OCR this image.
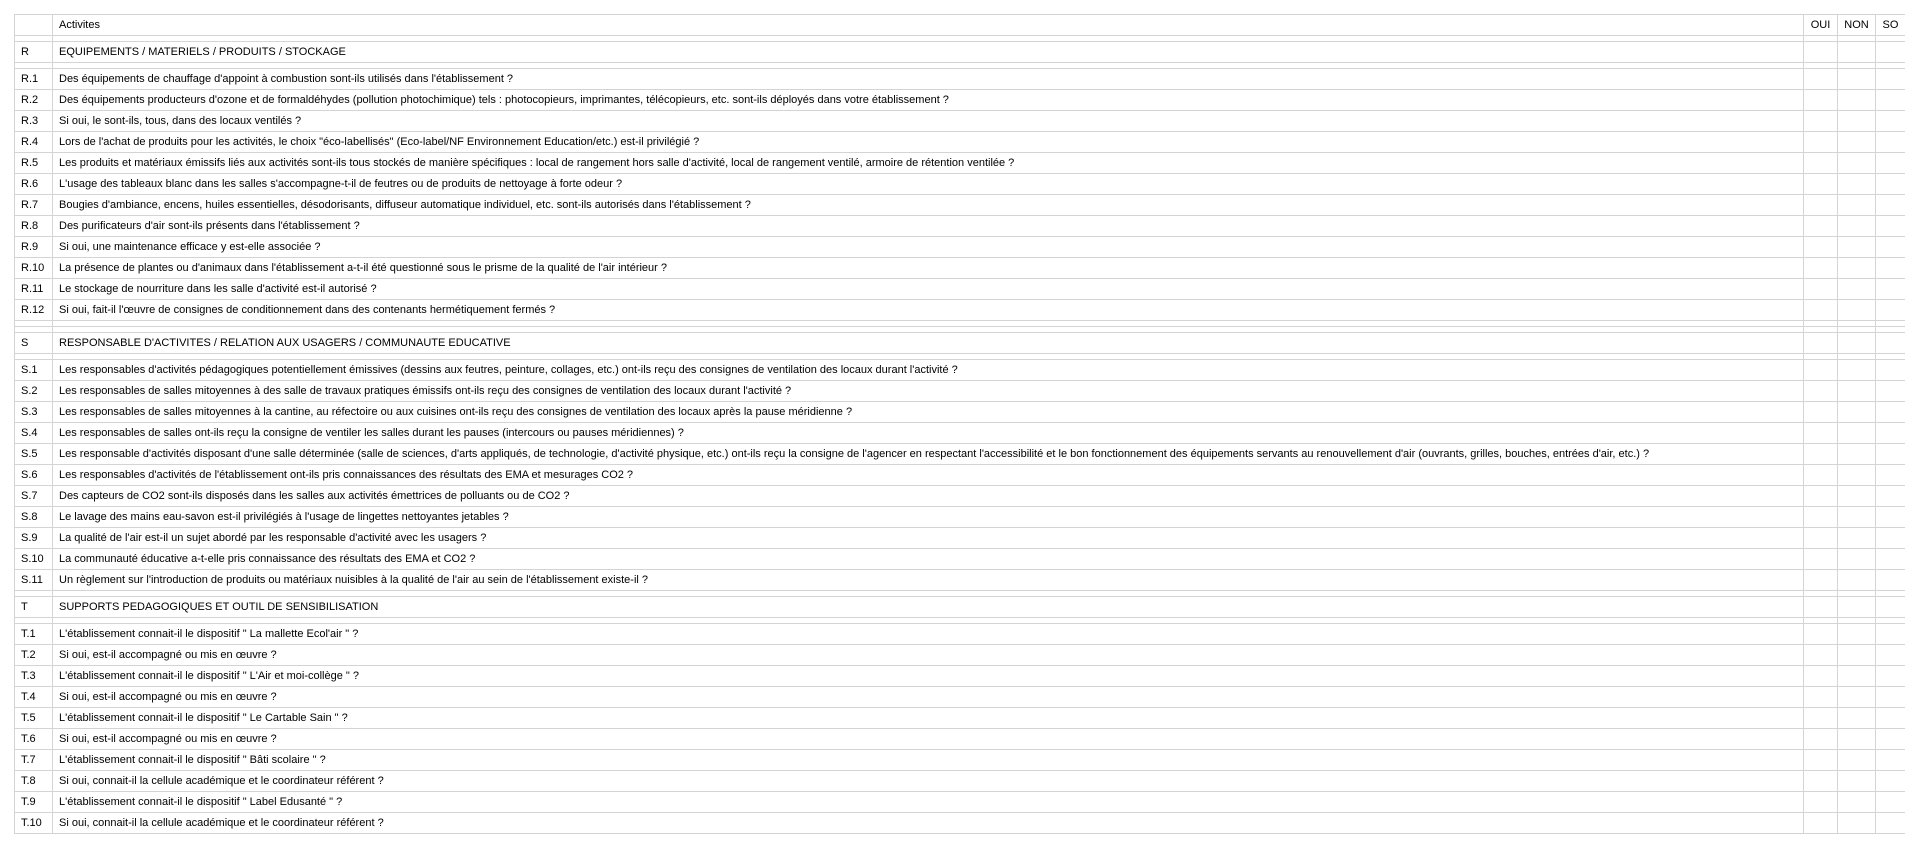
	Activites	OUI	NON	SO

R	EQUIPEMENTS / MATERIELS / PRODUITS / STOCKAGE			

R.1	Des équipements de chauffage d'appoint à combustion sont-ils utilisés dans l'établissement ?			
R.2	Des équipements producteurs d'ozone et de formaldéhydes (pollution photochimique) tels : photocopieurs, imprimantes, télécopieurs, etc. sont-ils déployés dans votre établissement ?			
R.3	Si oui, le sont-ils, tous, dans des locaux ventilés ?			
R.4	Lors de l'achat de produits pour les activités, le choix "éco-labellisés" (Eco-label/NF Environnement Education/etc.) est-il privilégié ?			
R.5	Les produits et matériaux émissifs liés aux activités sont-ils tous stockés de manière spécifiques : local de rangement hors salle d'activité, local de rangement ventilé, armoire de rétention ventilée ?			
R.6	L'usage des tableaux blanc dans les salles s'accompagne-t-il de feutres ou de produits de nettoyage à forte odeur ?			
R.7	Bougies d'ambiance, encens, huiles essentielles, désodorisants, diffuseur automatique individuel, etc. sont-ils autorisés dans l'établissement ?			
R.8	Des purificateurs d'air sont-ils présents dans l'établissement ?			
R.9	Si oui, une maintenance efficace y est-elle associée ?			
R.10	La présence de plantes ou d'animaux dans l'établissement a-t-il été questionné sous le prisme de la qualité de l'air intérieur ?			
R.11	Le stockage de nourriture dans les salle d'activité est-il autorisé ?			
R.12	Si oui, fait-il l'œuvre de consignes de conditionnement dans des contenants hermétiquement fermés ?			

S	RESPONSABLE D'ACTIVITES / RELATION AUX USAGERS / COMMUNAUTE EDUCATIVE			

S.1	Les responsables d'activités pédagogiques potentiellement émissives (dessins aux feutres, peinture, collages, etc.) ont-ils reçu des consignes de ventilation des locaux durant l'activité ?			
S.2	Les responsables de salles mitoyennes à des salle de travaux pratiques émissifs ont-ils reçu des consignes de ventilation des locaux durant l'activité ?			
S.3	Les responsables de salles mitoyennes à la cantine, au réfectoire ou aux cuisines ont-ils reçu des consignes de ventilation des locaux après la pause méridienne ?			
S.4	Les responsables de salles ont-ils reçu la consigne de ventiler les salles durant les pauses (intercours ou pauses méridiennes) ?			
S.5	Les responsable d'activités disposant d'une salle déterminée (salle de sciences, d'arts appliqués, de technologie, d'activité physique, etc.) ont-ils reçu la consigne de l'agencer en respectant l'accessibilité et le bon fonctionnement des équipements servants au renouvellement d'air (ouvrants, grilles, bouches, entrées d'air, etc.) ?			
S.6	Les responsables d'activités de l'établissement ont-ils pris connaissances des résultats des EMA et mesurages CO2 ?			
S.7	Des capteurs de CO2 sont-ils disposés dans les salles aux activités émettrices de polluants ou de CO2 ?			
S.8	Le lavage des mains eau-savon est-il privilégiés à l'usage de lingettes nettoyantes jetables ?			
S.9	La qualité de l'air est-il un sujet abordé par les responsable d'activité avec les usagers ?			
S.10	La communauté éducative a-t-elle pris connaissance des résultats des EMA et CO2 ?			
S.11	Un règlement sur l'introduction de produits ou matériaux nuisibles à la qualité de l'air au sein de l'établissement existe-il ?			

T	SUPPORTS PEDAGOGIQUES ET OUTIL DE SENSIBILISATION			

T.1	L'établissement connait-il le dispositif " La mallette Ecol'air " ?			
T.2	Si oui, est-il accompagné ou mis en œuvre ?			
T.3	L'établissement connait-il le dispositif " L'Air et moi-collège " ?			
T.4	Si oui, est-il accompagné ou mis en œuvre ?			
T.5	L'établissement connait-il le dispositif " Le Cartable Sain " ?			
T.6	Si oui, est-il accompagné ou mis en œuvre ?			
T.7	L'établissement connait-il le dispositif " Bâti scolaire " ?			
T.8	Si oui, connait-il la cellule académique et le coordinateur référent ?			
T.9	L'établissement connait-il le dispositif " Label Edusanté " ?			
T.10	Si oui, connait-il la cellule académique et le coordinateur référent ?			
